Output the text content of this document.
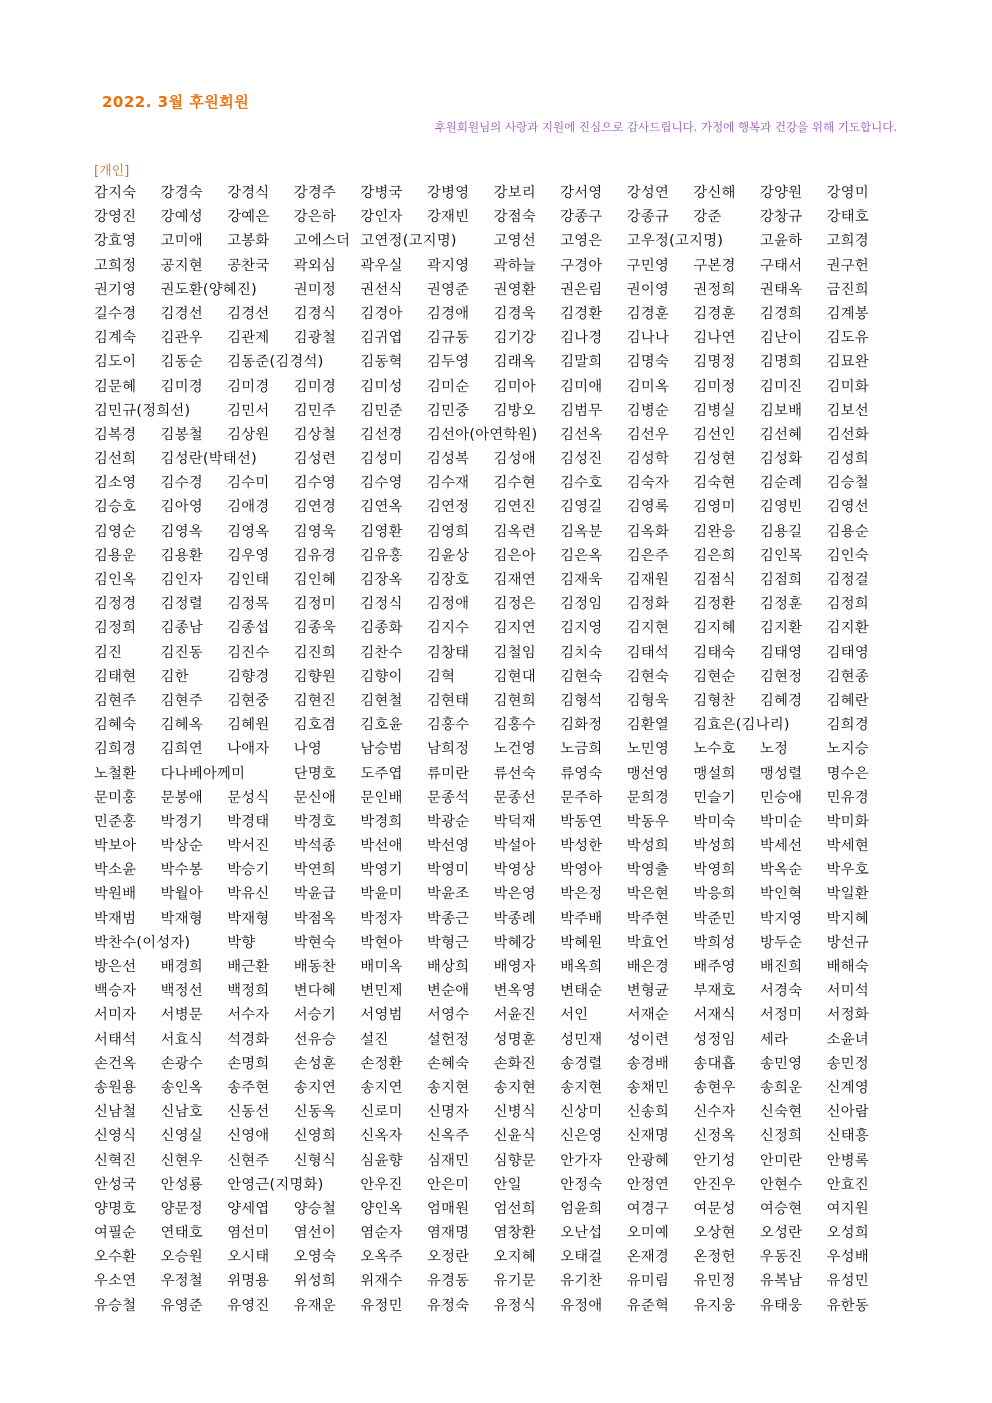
2022. 3월 후원회원
후원회원님의 사랑과 지원에 진심으로 감사드립니다. 가정에 행복과 건강을 위해 기도합니다.
[개인]
감지숙 강경숙 강경식 강경주 강병국 강병영 강보리 강서영 강성연 강신해 강양원 강영미
강영진 강예성 강예은 강은하 강인자 강재빈 강점숙 강종구 강종규 강준	강창규 강태호
강효영 고미애 고봉화 고에스더 고연정(고지명)	고영선 고영은 고우정(고지명)	고윤하 고희경
고희정 공지현 공찬국 곽외심 곽우실 곽지영 곽하늘 구경아 구민영 구본경 구태서 권구헌
권기영 권도환(양혜진)	권미정 권선식 권영준 권영환 권은림 권이영 권정희 권태옥 금진희
길수경 김경선 김경선 김경식 김경아 김경애 김경욱 김경환 김경훈 김경훈 김경희 김계봉
김계숙 김관우 김관제 김광철 김귀엽 김규동 김기강 김나경 김나나 김나연 김난이 김도유
김도이 김동순 김동준(김경석)	김동혁 김두영 김래옥 김말희 김명숙 김명정 김명희 김묘완
김문혜 김미경 김미경 김미경 김미성 김미순 김미아 김미애 김미옥 김미정 김미진 김미화
김민규(정희선)	김민서 김민주 김민준 김민중 김방오 김범무 김병순 김병실 김보배 김보선
김복경 김봉철 김상원 김상철 김선경 김선아(아연학원) 김선옥 김선우 김선인 김선혜 김선화
김선희 김성란(박태선)	김성련 김성미 김성복 김성애 김성진 김성학 김성현 김성화 김성희
김소영 김수경 김수미 김수영 김수영 김수재 김수현 김수호 김숙자 김숙현 김순례 김승철
김승호 김아영 김애경 김연경 김연옥 김연정 김연진 김영길 김영록 김영미 김영빈 김영선
김영순 김영옥 김영옥 김영욱 김영환 김영희 김옥련 김옥분 김옥화 김완응 김용길 김용순
김용운 김용환 김우영 김유경 김유홍 김윤상 김은아 김은옥 김은주 김은희 김인목 김인숙
김인옥 김인자 김인태 김인혜 김장옥 김장호 김재연 김재욱 김재원 김점식 김점희 김정걸
김정경 김정렬 김정목 김정미 김정식 김정애 김정은 김정임 김정화 김정환 김정훈 김정희
김정희 김종남 김종섭 김종욱 김종화 김지수 김지연 김지영 김지현 김지혜 김지환 김지환
김진	김진동 김진수 김진희 김찬수 김창태 김철임 김치숙 김태석 김태숙 김태영 김태영
김태현 김한	김향경 김향원 김향이 김혁	김현대 김현숙 김현숙 김현순 김현정 김현종
김현주 김현주 김현중 김현진 김현철 김현태 김현희 김형석 김형욱 김형찬 김혜경 김혜란
김혜숙 김혜옥 김혜원 김호겸 김호윤 김홍수 김홍수 김화정 김환열 김효은(김나리)	김희경
김희경 김희연 나애자 나영	남승범 남희정 노건영 노금희 노민영 노수호 노정	노지승
노철환 다나베아께미	단명호 도주엽 류미란 류선숙 류영숙 맹선영 맹설희 맹성렬 명수은
문미홍 문봉애 문성식 문신애 문인배 문종석 문종선 문주하 문희경 민슬기 민승애 민유경
민준홍 박경기 박경태 박경호 박경희 박광순 박덕재 박동연 박동우 박미숙 박미순 박미화
박보아 박상순 박서진 박석종 박선애 박선영 박설아 박성한 박성희 박성희 박세선 박세현
박소윤 박수봉 박승기 박연희 박영기 박영미 박영상 박영아 박영출 박영희 박옥순 박우호
박원배 박월아 박유신 박윤급 박윤미 박윤조 박은영 박은정 박은현 박응희 박인혁 박일환
박재범 박재형 박재형 박점옥 박정자 박종근 박종례 박주배 박주현 박준민 박지영 박지혜
박찬수(이성자)	박향	박현숙 박현아 박형근 박혜강 박혜원 박효언 박희성 방두순 방선규
방은선 배경희 배근환 배동찬 배미옥 배상희 배영자 배옥희 배은경 배주영 배진희 배해숙
백승자 백정선 백정희 변다혜 변민제 변순애 변옥영 변태순 변형균 부재호 서경숙 서미석
서미자 서병문 서수자 서승기 서영범 서영수 서윤진 서인	서재순 서재식 서정미 서정화
서태석 서효식 석경화 선유승 설진	설헌정 성명훈 성민재 성이련 성정임 세라	소윤녀
손건옥 손광수 손명희 손성훈 손정환 손혜숙 손화진 송경렬 송경배 송대흡 송민영 송민정
송원용 송인옥 송주현 송지연 송지연 송지현 송지현 송지현 송채민 송현우 송희운 신계영
신남철 신남호 신동선 신동옥 신로미 신명자 신병식 신상미 신송희 신수자 신숙현 신아람
신영식 신영실 신영애 신영희 신옥자 신옥주 신윤식 신은영 신재명 신정옥 신정희 신태흥
신혁진 신현우 신현주 신형식 심윤향 심재민 심향문 안가자 안광혜 안기성 안미란 안병록
안성국 안성룡 안영근(지명화)	안우진 안은미 안일	안정숙 안정연 안진우 안현수 안효진
양명호 양문정 양세엽 양승철 양인옥 엄매원 엄선희 엄윤희 여경구 여문성 여승현 여지원
여필순 연태호 염선미 염선이 염순자 염재명 염창환 오난섭 오미예 오상현 오성란 오성희
오수환 오승원 오시태 오영숙 오옥주 오정란 오지혜 오태걸 온재경 온정헌 우동진 우성배
우소연 우정철 위명용 위성희 위재수 유경동 유기문 유기찬 유미림 유민정 유복남 유성민
유승철 유영준 유영진 유재운 유정민 유정숙 유정식 유정애 유준혁 유지웅 유태웅 유한동
